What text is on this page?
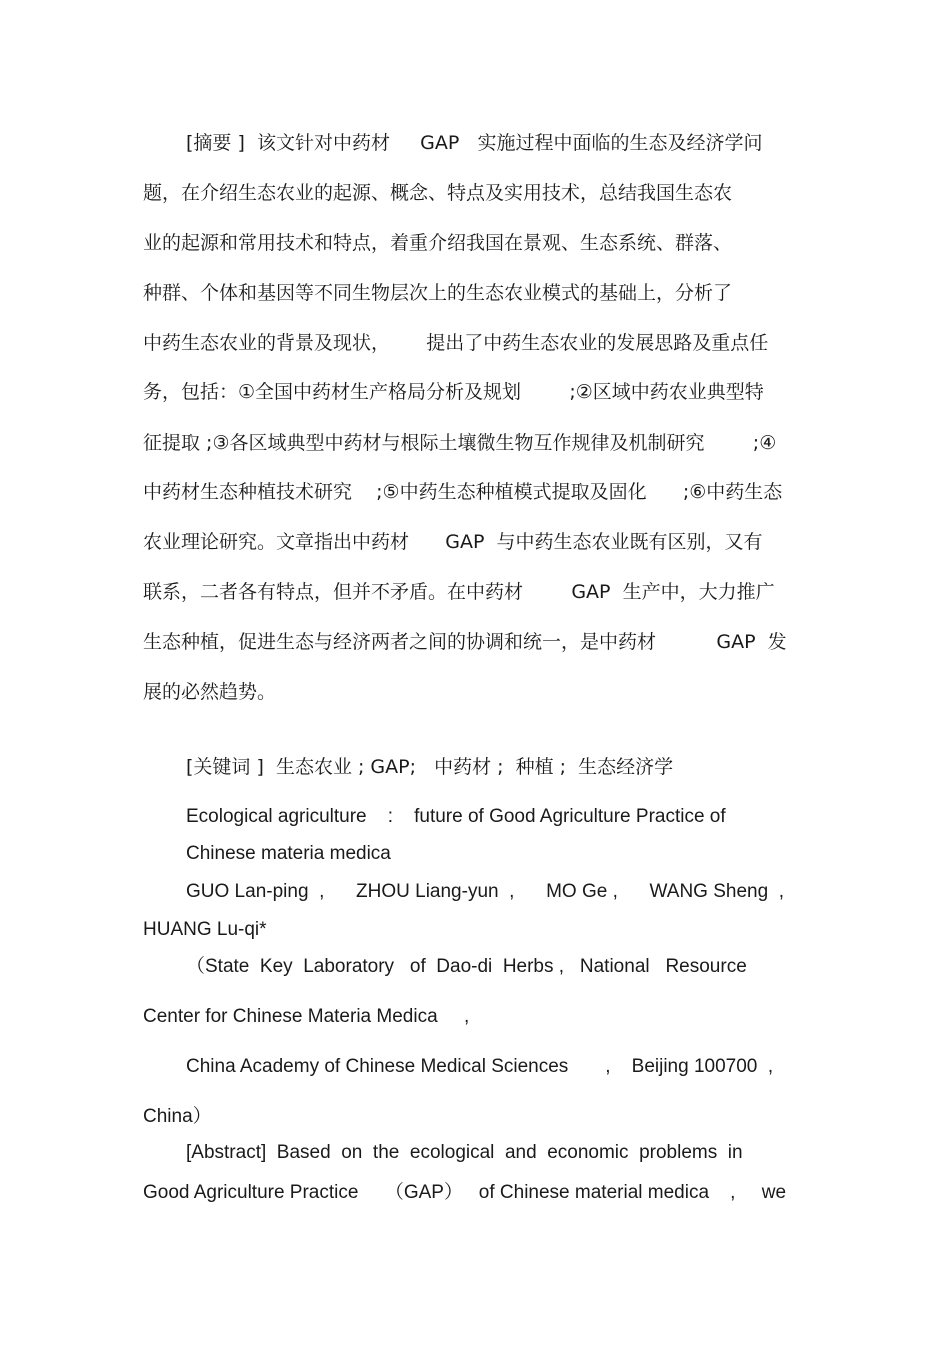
[摘要 ]  该文针对中药材     GAP   实施过程中面临的生态及经济学问
题，在介绍生态农业的起源、概念、特点及实用技术，总结我国生态农
业的起源和常用技术和特点，着重介绍我国在景观、生态系统、群落、
种群、个体和基因等不同生物层次上的生态农业模式的基础上，分析了
中药生态农业的背景及现状，      提出了中药生态农业的发展思路及重点任
务，包括：①全国中药材生产格局分析及规划        ;②区域中药农业典型特
征提取 ;③各区域典型中药材与根际土壤微生物互作规律及机制研究        ;④
中药材生态种植技术研究    ;⑤中药生态种植模式提取及固化      ;⑥中药生态
农业理论研究。文章指出中药材      GAP  与中药生态农业既有区别，又有
联系，二者各有特点，但并不矛盾。在中药材        GAP  生产中，大力推广
生态种植，促进生态与经济两者之间的协调和统一，是中药材          GAP  发
展的必然趋势。
[关键词 ]  生态农业 ; GAP;   中药材 ;  种植 ;  生态经济学
Ecological agriculture    :    future of Good Agriculture Practice of
Chinese materia medica
GUO Lan-ping  ,      ZHOU Liang-yun  ,      MO Ge ,      WANG Sheng  ,
HUANG Lu-qi*
（State  Key  Laboratory   of  Dao-di  Herbs ,   National   Resource
Center for Chinese Materia Medica     ,
China Academy of Chinese Medical Sciences       ,    Beijing 100700  ,
China）
[Abstract]  Based  on  the  ecological  and  economic  problems  in
Good Agriculture Practice     （GAP）   of Chinese material medica    ,     we
